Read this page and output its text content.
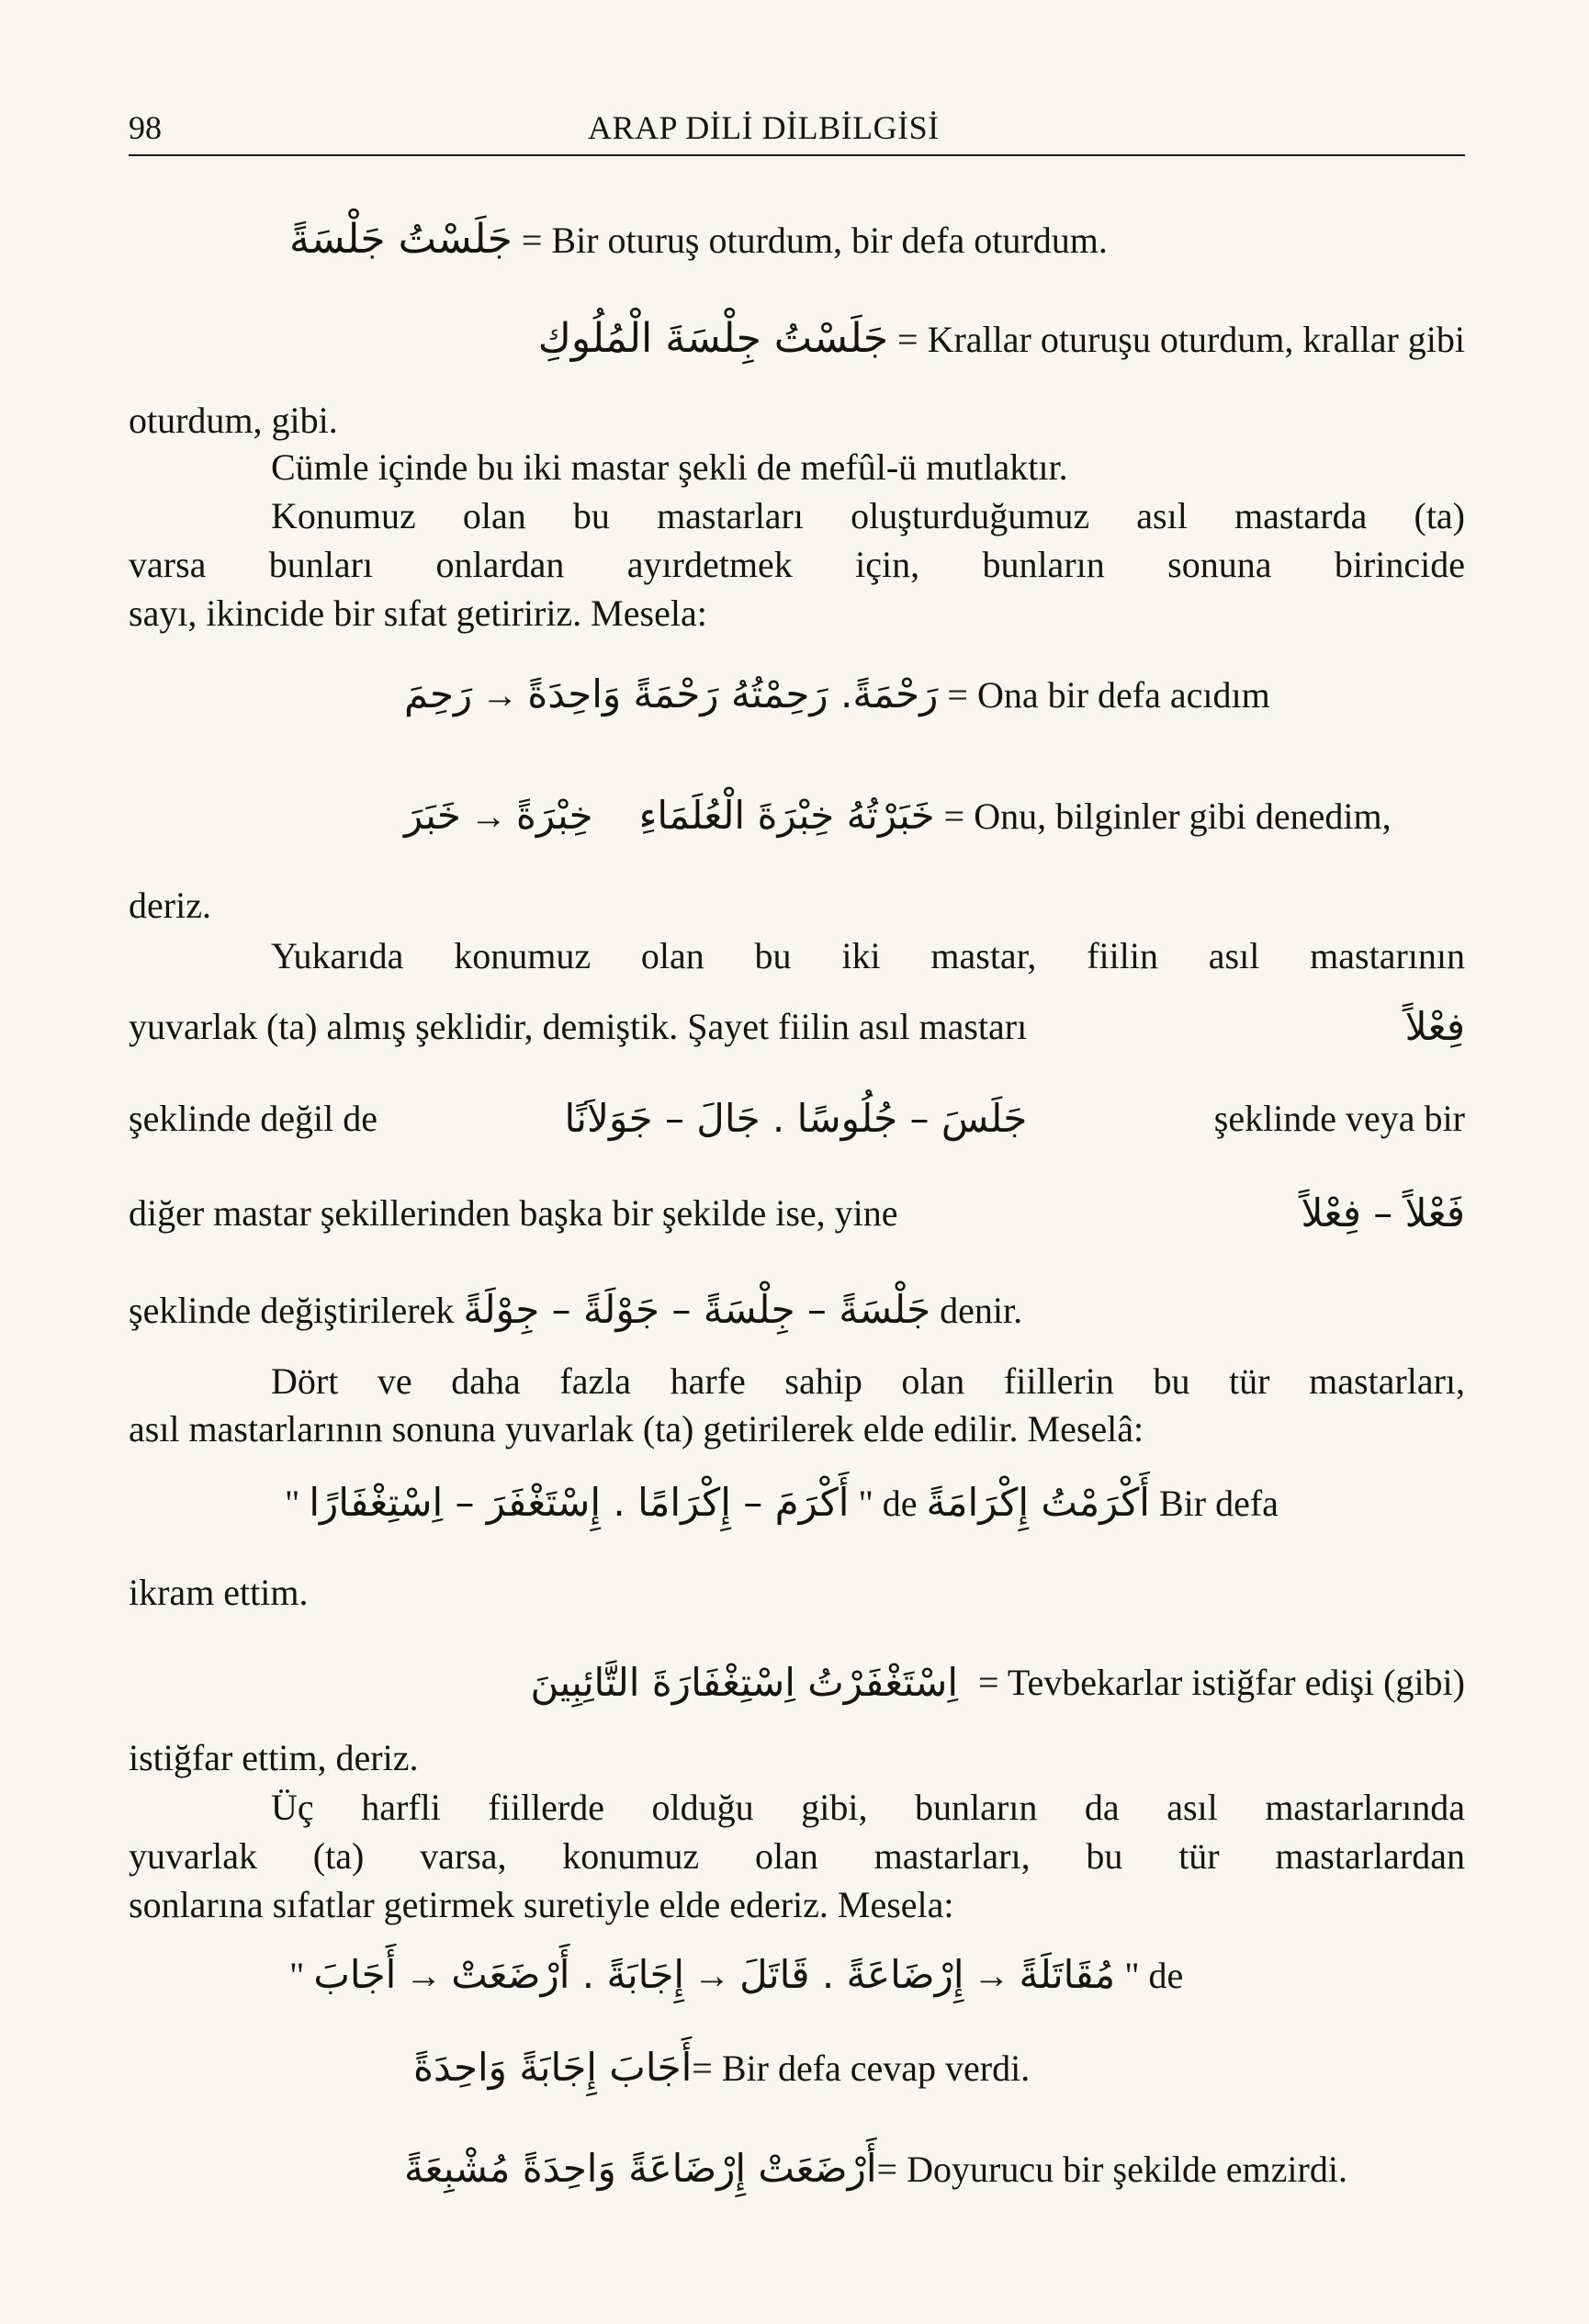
98	ARAP DİLİ DİLBİLGİSİ
جَلَسْتُ جَلْسَةً = Bir oturuş oturdum, bir defa oturdum.
جَلَسْتُ جِلْسَةَ الْمُلُوكِ = Krallar oturuşu oturdum, krallar gibi
oturdum, gibi.
Cümle içinde bu iki mastar şekli de mefûl-ü mutlaktır.
Konumuz olan bu mastarları oluşturduğumuz asıl mastarda (ta)
varsa bunları onlardan ayırdetmek için, bunların sonuna birincide
sayı, ikincide bir sıfat getiririz. Mesela:
رَحِمَ → رَحْمَةً. رَحِمْتُهُ رَحْمَةً وَاحِدَةً = Ona bir defa acıdım
خَبَرَ → خِبْرَةً خَبَرْتُهُ خِبْرَةَ الْعُلَمَاءِ = Onu, bilginler gibi denedim,
deriz.
Yukarıda konumuz olan bu iki mastar, fiilin asıl mastarının
yuvarlak (ta) almış şeklidir, demiştik. Şayet fiilin asıl mastarı	فِعْلاً
şeklinde değil de	جَلَسَ – جُلُوسًا . جَالَ – جَوَلاَنًا	şeklinde veya bir
diğer mastar şekillerinden başka bir şekilde ise, yine	فَعْلاً – فِعْلاً
şeklinde değiştirilerek جَلْسَةً – جِلْسَةً – جَوْلَةً – جِوْلَةً denir.
Dört ve daha fazla harfe sahip olan fiillerin bu tür mastarları,
asıl mastarlarının sonuna yuvarlak (ta) getirilerek elde edilir. Meselâ:
" أَكْرَمَ – إِكْرَامًا . إِسْتَغْفَرَ – اِسْتِغْفَارًا " de أَكْرَمْتُ إِكْرَامَةً Bir defa
ikram ettim.
اِسْتَغْفَرْتُ اِسْتِغْفَارَةَ التَّائِبِينَ = Tevbekarlar istiğfar edişi (gibi)
istiğfar ettim, deriz.
Üç harfli fiillerde olduğu gibi, bunların da asıl mastarlarında
yuvarlak (ta) varsa, konumuz olan mastarları, bu tür mastarlardan
sonlarına sıfatlar getirmek suretiyle elde ederiz. Mesela:
" أَجَابَ → إِجَابَةً . أَرْضَعَتْ → إِرْضَاعَةً . قَاتَلَ → مُقَاتَلَةً " de
أَجَابَ إِجَابَةً وَاحِدَةً= Bir defa cevap verdi.
أَرْضَعَتْ إِرْضَاعَةً وَاحِدَةً مُشْبِعَةً= Doyurucu bir şekilde emzirdi.
